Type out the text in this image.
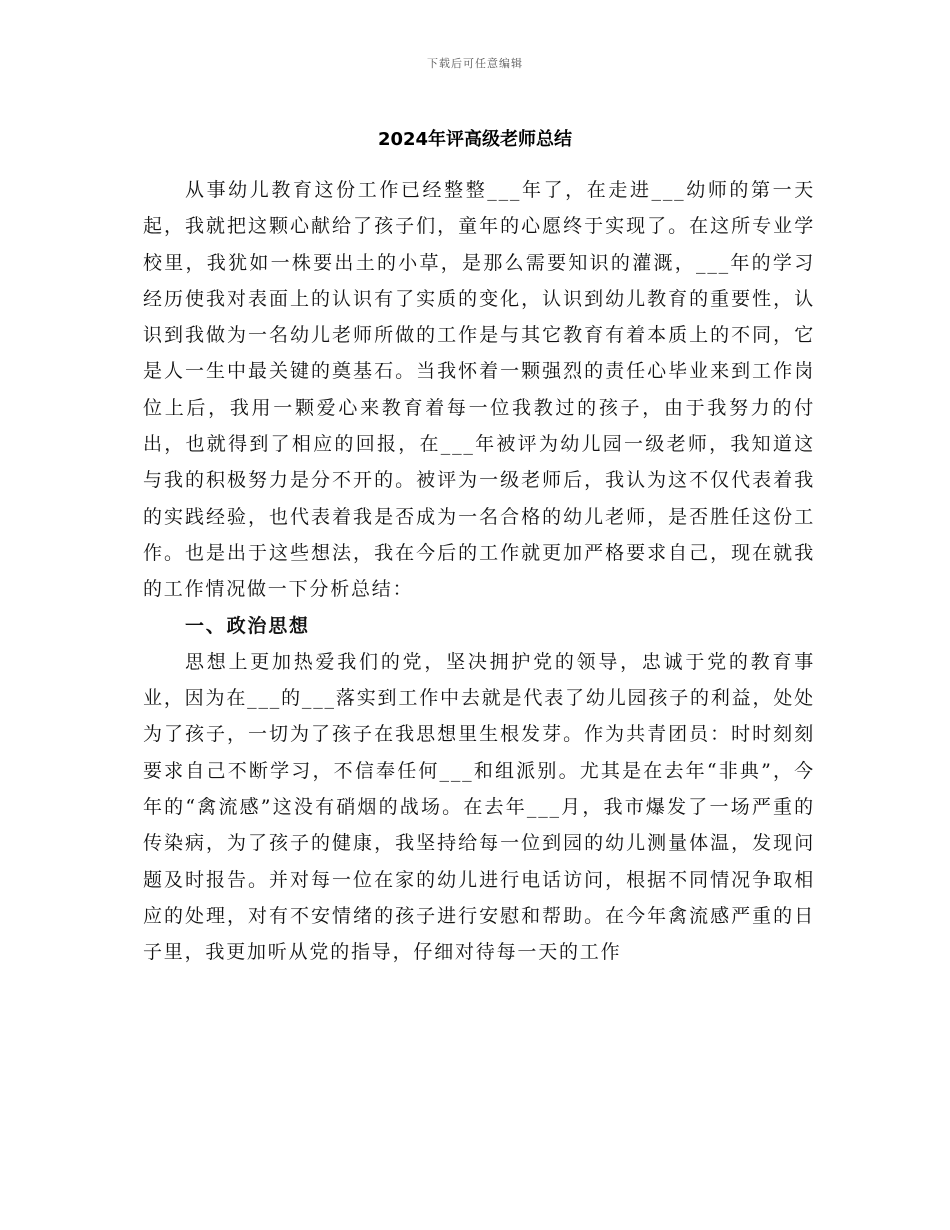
下载后可任意编辑
2024年评高级老师总结

从事幼儿教育这份工作已经整整___年了，在走进___幼师的第一天起，我就把这颗心献给了孩子们，童年的心愿终于实现了。在这所专业学校里，我犹如一株要出土的小草，是那么需要知识的灌溉，___年的学习经历使我对表面上的认识有了实质的变化，认识到幼儿教育的重要性，认识到我做为一名幼儿老师所做的工作是与其它教育有着本质上的不同，它是人一生中最关键的奠基石。当我怀着一颗强烈的责任心毕业来到工作岗位上后，我用一颗爱心来教育着每一位我教过的孩子，由于我努力的付出，也就得到了相应的回报，在___年被评为幼儿园一级老师，我知道这与我的积极努力是分不开的。被评为一级老师后，我认为这不仅代表着我的实践经验，也代表着我是否成为一名合格的幼儿老师，是否胜任这份工作。也是出于这些想法，我在今后的工作就更加严格要求自己，现在就我的工作情况做一下分析总结：

一、政治思想

思想上更加热爱我们的党，坚决拥护党的领导，忠诚于党的教育事业，因为在___的___落实到工作中去就是代表了幼儿园孩子的利益，处处为了孩子，一切为了孩子在我思想里生根发芽。作为共青团员：时时刻刻要求自己不断学习，不信奉任何___和组派别。尤其是在去年“非典”，今年的“禽流感”这没有硝烟的战场。在去年___月，我市爆发了一场严重的传染病，为了孩子的健康，我坚持给每一位到园的幼儿测量体温，发现问题及时报告。并对每一位在家的幼儿进行电话访问，根据不同情况争取相应的处理，对有不安情绪的孩子进行安慰和帮助。在今年禽流感严重的日子里，我更加听从党的指导，仔细对待每一天的工作
